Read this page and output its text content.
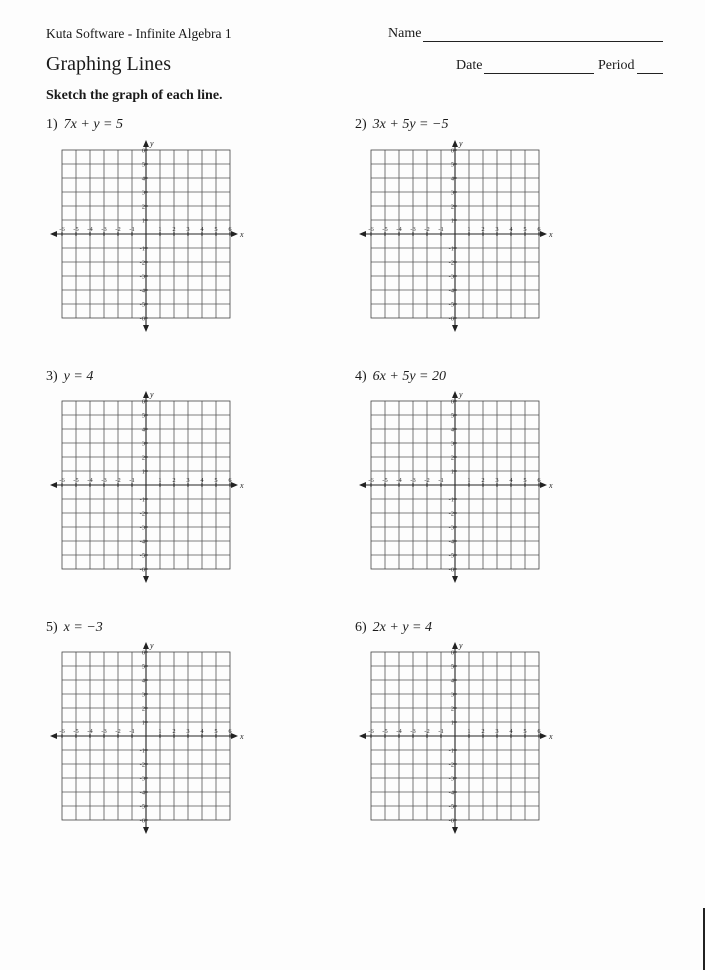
Kuta Software - Infinite Algebra 1	Name
Graphing Lines	Date	Period
Sketch the graph of each line.
1) 7x + y = 5
-6 -5 -4 -3 -2 -1	1 2 3 4 5 6
6
5
4
3
2
1
-1
-2
-3
-4
-5
-6
x
y
2) 3x + 5y = −5
-6 -5 -4 -3 -2 -1	1 2 3 4 5 6
6
5
4
3
2
1
-1
-2
-3
-4
-5
-6
x
y
3) y = 4
-6 -5 -4 -3 -2 -1	1 2 3 4 5 6
6
5
4
3
2
1
-1
-2
-3
-4
-5
-6
x
y
4) 6x + 5y = 20
-6 -5 -4 -3 -2 -1	1 2 3 4 5 6
6
5
4
3
2
1
-1
-2
-3
-4
-5
-6
x
y
5) x = −3
-6 -5 -4 -3 -2 -1	1 2 3 4 5 6
6
5
4
3
2
1
-1
-2
-3
-4
-5
-6
x
y
6) 2x + y = 4
-6 -5 -4 -3 -2 -1	1 2 3 4 5 6
6
5
4
3
2
1
-1
-2
-3
-4
-5
-6
x
y
